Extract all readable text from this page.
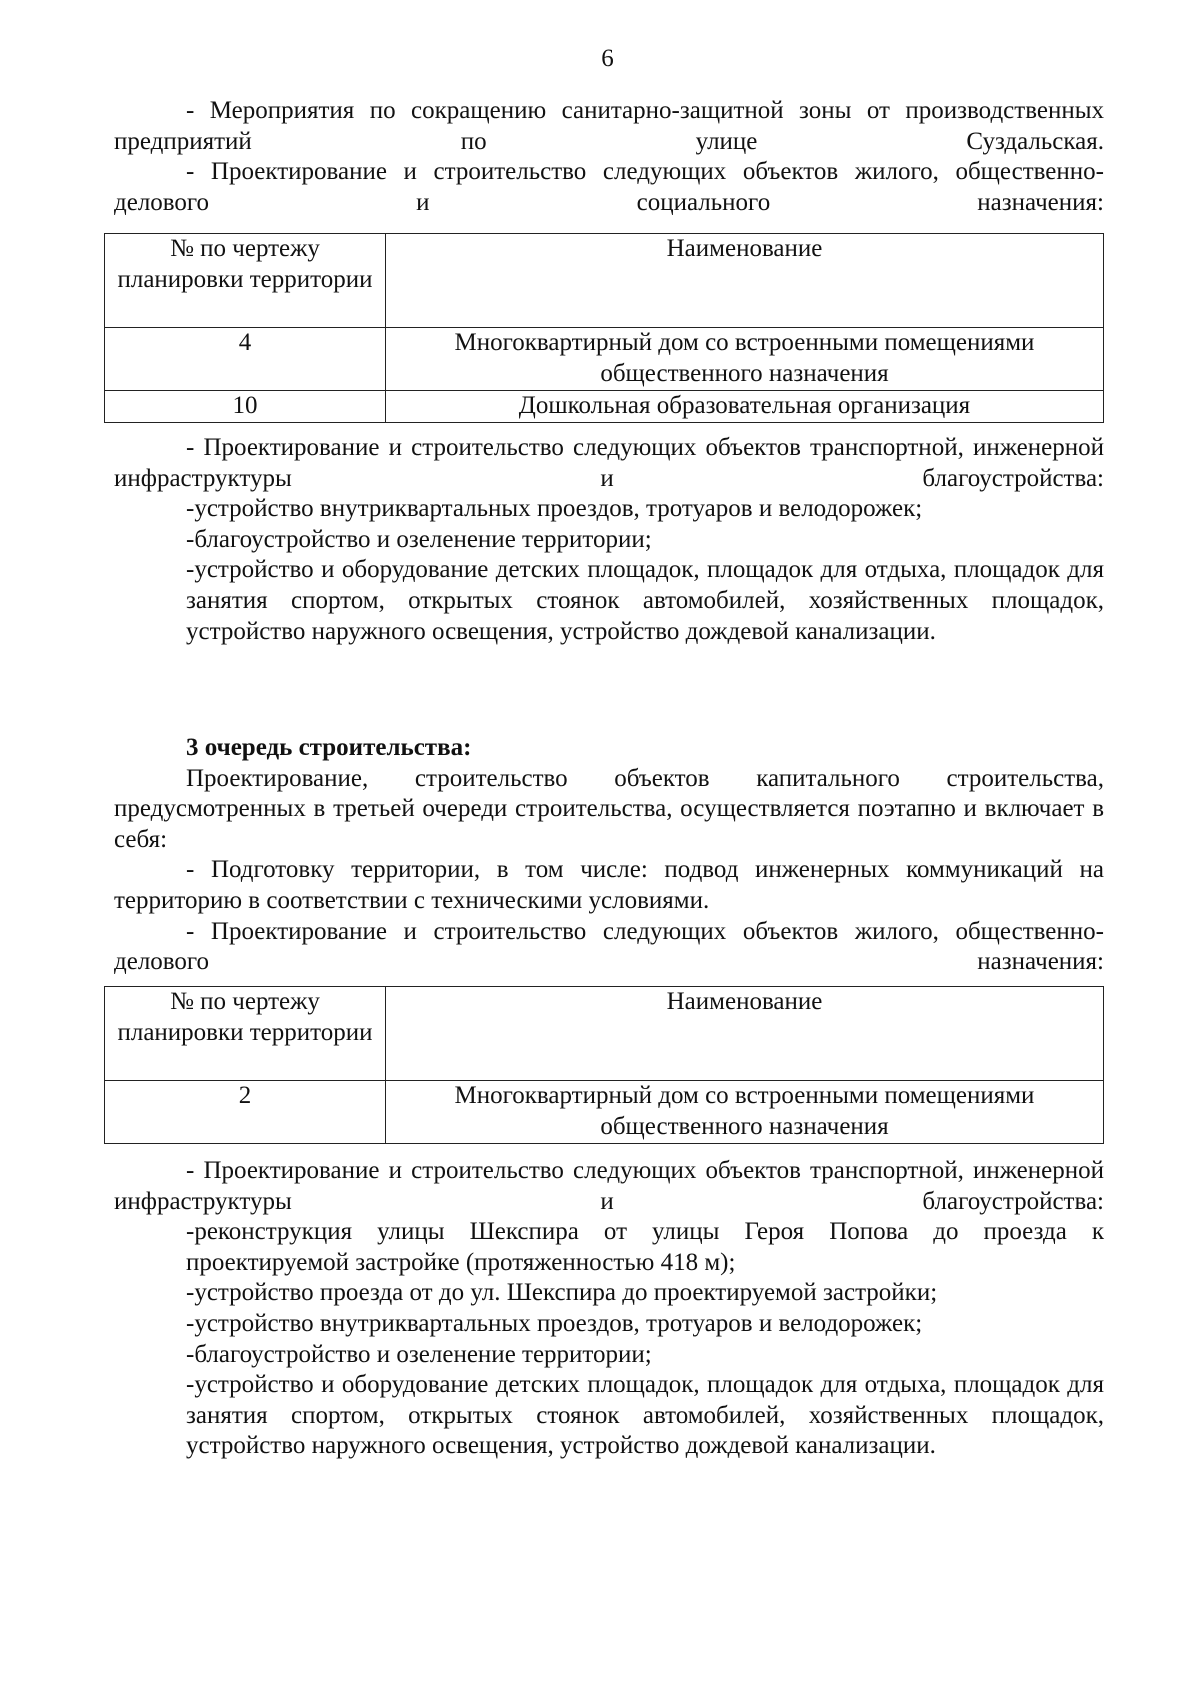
6
- Мероприятия по сокращению санитарно-защитной зоны от производственных предприятий по улице Суздальская.
- Проектирование и строительство следующих объектов жилого, общественно-делового и социального назначения:
№ по чертежу планировки территории	Наименование
4	Многоквартирный дом со встроенными помещениями общественного назначения
10	Дошкольная образовательная организация
- Проектирование и строительство следующих объектов транспортной, инженерной инфраструктуры и благоустройства:
-устройство внутриквартальных проездов, тротуаров и велодорожек;
-благоустройство и озеленение территории;
-устройство и оборудование детских площадок, площадок для отдыха, площадок для занятия спортом, открытых стоянок автомобилей, хозяйственных площадок, устройство наружного освещения, устройство дождевой канализации.
3 очередь строительства:
Проектирование, строительство объектов капитального строительства, предусмотренных в третьей очереди строительства, осуществляется поэтапно и включает в себя:
- Подготовку территории, в том числе: подвод инженерных коммуникаций на территорию в соответствии с техническими условиями.
- Проектирование и строительство следующих объектов жилого, общественно-делового назначения:
№ по чертежу планировки территории	Наименование
2	Многоквартирный дом со встроенными помещениями общественного назначения
- Проектирование и строительство следующих объектов транспортной, инженерной инфраструктуры и благоустройства:
-реконструкция улицы Шекспира от улицы Героя Попова до проезда к проектируемой застройке (протяженностью 418 м);
-устройство проезда от до ул. Шекспира до проектируемой застройки;
-устройство внутриквартальных проездов, тротуаров и велодорожек;
-благоустройство и озеленение территории;
-устройство и оборудование детских площадок, площадок для отдыха, площадок для занятия спортом, открытых стоянок автомобилей, хозяйственных площадок, устройство наружного освещения, устройство дождевой канализации.
